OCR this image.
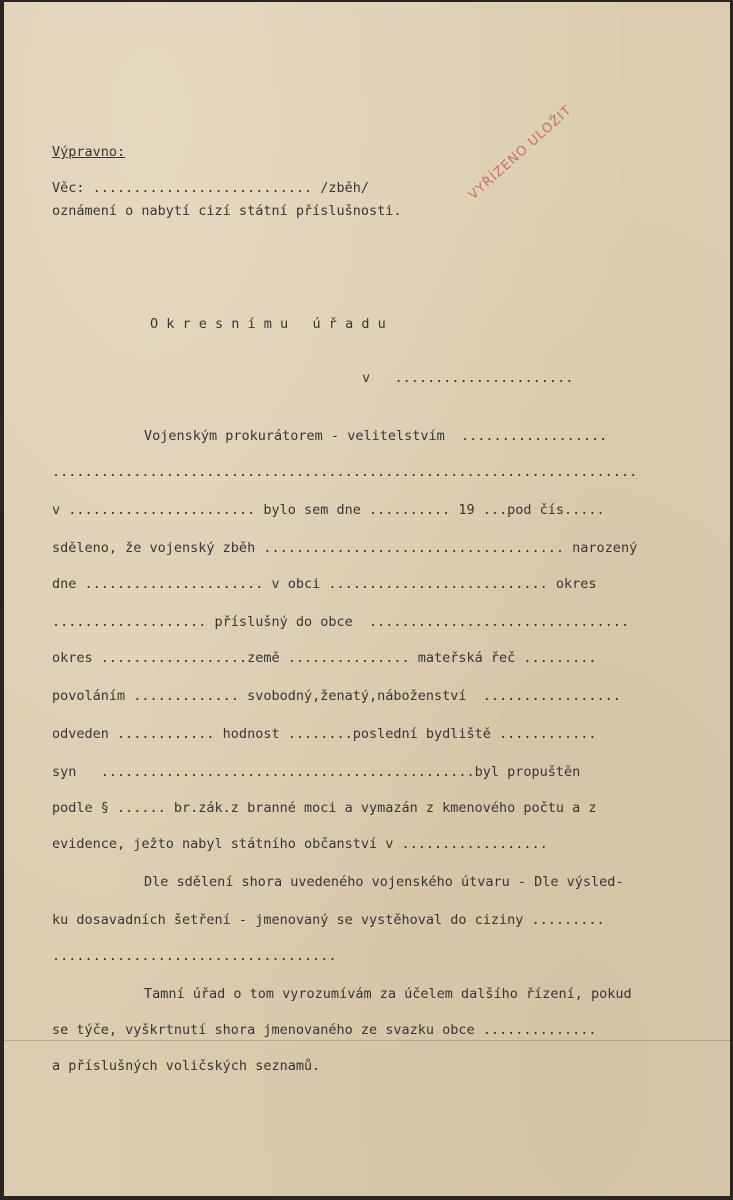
Výpravno:
Věc: ........................... /zběh/
oznámení o nabytí cizí státní příslušnosti.
VYŘÍZENO ULOŽIT
O k r e s n í m u   ú ř a d u
v   ......................
Vojenským prokurátorem - velitelstvím  ..................
........................................................................
v ....................... bylo sem dne .......... 19 ...pod čís.....
sděleno, že vojenský zběh ..................................... narozený
dne ...................... v obci ........................... okres
................... příslušný do obce  ................................
okres ..................země ............... mateřská řeč .........
povoláním ............. svobodný,ženatý,náboženství  .................
odveden ............ hodnost ........poslední bydliště ............
syn   ..............................................byl propuštěn
podle § ...... br.zák.z branné moci a vymazán z kmenového počtu a z
evidence, ježto nabyl státního občanství v ..................
Dle sdělení shora uvedeného vojenského útvaru - Dle výsled-
ku dosavadních šetření - jmenovaný se vystěhoval do ciziny .........
...................................
Tamní úřad o tom vyrozumívám za účelem dalšího řízení, pokud
se týče, vyškrtnutí shora jmenovaného ze svazku obce ..............
a příslušných voličských seznamů.
